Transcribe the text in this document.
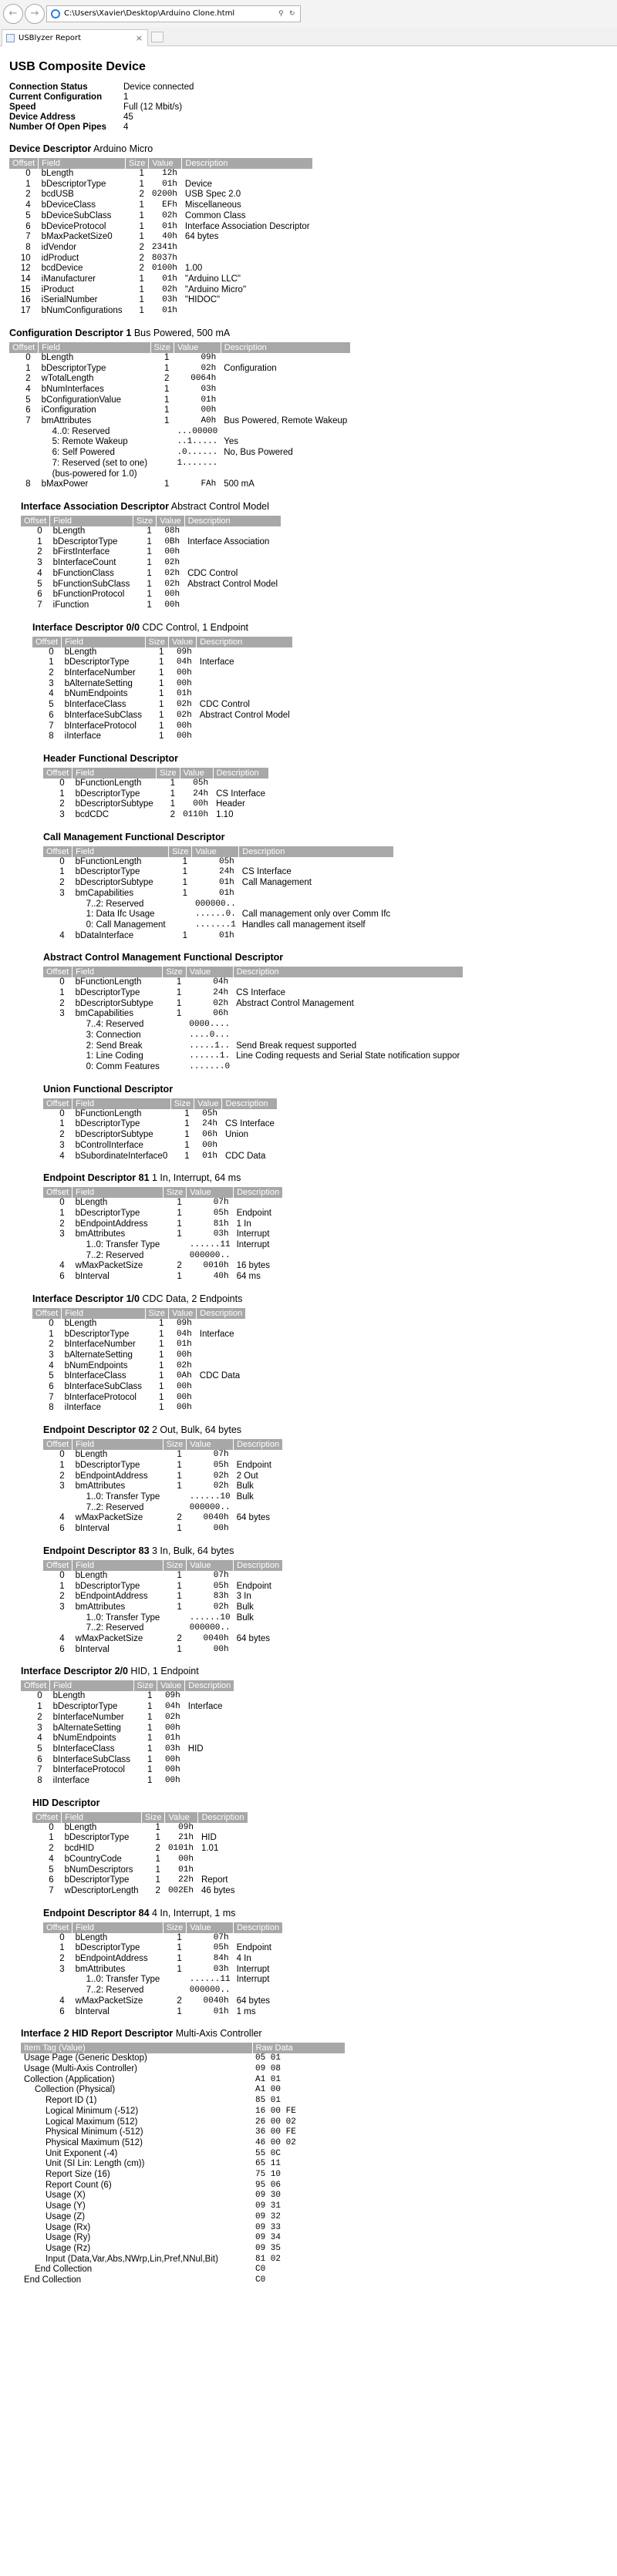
←	→	C:\Users\Xavier\Desktop\Arduino Clone.html	⚲ ↻
USBlyzer Report	×
USB Composite Device
Connection Status	Device connected
Current Configuration	1
Speed	Full (12 Mbit/s)
Device Address	45
Number Of Open Pipes	4
Device Descriptor Arduino Micro
Offset	Field	Size	Value	Description
0	bLength	1	12h	
1	bDescriptorType	1	01h	Device
2	bcdUSB	2	0200h	USB Spec 2.0
4	bDeviceClass	1	EFh	Miscellaneous
5	bDeviceSubClass	1	02h	Common Class
6	bDeviceProtocol	1	01h	Interface Association Descriptor
7	bMaxPacketSize0	1	40h	64 bytes
8	idVendor	2	2341h	
10	idProduct	2	8037h	
12	bcdDevice	2	0100h	1.00
14	iManufacturer	1	01h	"Arduino LLC"
15	iProduct	1	02h	"Arduino Micro"
16	iSerialNumber	1	03h	"HIDOC"
17	bNumConfigurations	1	01h	
Configuration Descriptor 1 Bus Powered, 500 mA
Offset	Field	Size	Value	Description
0	bLength	1	09h	
1	bDescriptorType	1	02h	Configuration
2	wTotalLength	2	0064h	
4	bNumInterfaces	1	03h	
5	bConfigurationValue	1	01h	
6	iConfiguration	1	00h	
7	bmAttributes	1	A0h	Bus Powered, Remote Wakeup
	4..0: Reserved		...00000	
	5: Remote Wakeup		..1.....	Yes
	6: Self Powered		.0......	No, Bus Powered
	7: Reserved (set to one)		1.......	
	(bus-powered for 1.0)			
8	bMaxPower	1	FAh	500 mA
Interface Association Descriptor Abstract Control Model
Offset	Field	Size	Value	Description
0	bLength	1	08h	
1	bDescriptorType	1	0Bh	Interface Association
2	bFirstInterface	1	00h	
3	bInterfaceCount	1	02h	
4	bFunctionClass	1	02h	CDC Control
5	bFunctionSubClass	1	02h	Abstract Control Model
6	bFunctionProtocol	1	00h	
7	iFunction	1	00h	
Interface Descriptor 0/0 CDC Control, 1 Endpoint
Offset	Field	Size	Value	Description
0	bLength	1	09h	
1	bDescriptorType	1	04h	Interface
2	bInterfaceNumber	1	00h	
3	bAlternateSetting	1	00h	
4	bNumEndpoints	1	01h	
5	bInterfaceClass	1	02h	CDC Control
6	bInterfaceSubClass	1	02h	Abstract Control Model
7	bInterfaceProtocol	1	00h	
8	iInterface	1	00h	
Header Functional Descriptor
Offset	Field	Size	Value	Description
0	bFunctionLength	1	05h	
1	bDescriptorType	1	24h	CS Interface
2	bDescriptorSubtype	1	00h	Header
3	bcdCDC	2	0110h	1.10
Call Management Functional Descriptor
Offset	Field	Size	Value	Description
0	bFunctionLength	1	05h	
1	bDescriptorType	1	24h	CS Interface
2	bDescriptorSubtype	1	01h	Call Management
3	bmCapabilities	1	01h	
	7..2: Reserved		000000..	
	1: Data Ifc Usage		......0.	Call management only over Comm Ifc
	0: Call Management		.......1	Handles call management itself
4	bDataInterface	1	01h	
Abstract Control Management Functional Descriptor
Offset	Field	Size	Value	Description
0	bFunctionLength	1	04h	
1	bDescriptorType	1	24h	CS Interface
2	bDescriptorSubtype	1	02h	Abstract Control Management
3	bmCapabilities	1	06h	
	7..4: Reserved		0000....	
	3: Connection		....0...	
	2: Send Break		.....1..	Send Break request supported
	1: Line Coding		......1.	Line Coding requests and Serial State notification suppor
	0: Comm Features		.......0	
Union Functional Descriptor
Offset	Field	Size	Value	Description
0	bFunctionLength	1	05h	
1	bDescriptorType	1	24h	CS Interface
2	bDescriptorSubtype	1	06h	Union
3	bControlInterface	1	00h	
4	bSubordinateInterface0	1	01h	CDC Data
Endpoint Descriptor 81 1 In, Interrupt, 64 ms
Offset	Field	Size	Value	Description
0	bLength	1	07h	
1	bDescriptorType	1	05h	Endpoint
2	bEndpointAddress	1	81h	1 In
3	bmAttributes	1	03h	Interrupt
	1..0: Transfer Type		......11	Interrupt
	7..2: Reserved		000000..	
4	wMaxPacketSize	2	0010h	16 bytes
6	bInterval	1	40h	64 ms
Interface Descriptor 1/0 CDC Data, 2 Endpoints
Offset	Field	Size	Value	Description
0	bLength	1	09h	
1	bDescriptorType	1	04h	Interface
2	bInterfaceNumber	1	01h	
3	bAlternateSetting	1	00h	
4	bNumEndpoints	1	02h	
5	bInterfaceClass	1	0Ah	CDC Data
6	bInterfaceSubClass	1	00h	
7	bInterfaceProtocol	1	00h	
8	iInterface	1	00h	
Endpoint Descriptor 02 2 Out, Bulk, 64 bytes
Offset	Field	Size	Value	Description
0	bLength	1	07h	
1	bDescriptorType	1	05h	Endpoint
2	bEndpointAddress	1	02h	2 Out
3	bmAttributes	1	02h	Bulk
	1..0: Transfer Type		......10	Bulk
	7..2: Reserved		000000..	
4	wMaxPacketSize	2	0040h	64 bytes
6	bInterval	1	00h	
Endpoint Descriptor 83 3 In, Bulk, 64 bytes
Offset	Field	Size	Value	Description
0	bLength	1	07h	
1	bDescriptorType	1	05h	Endpoint
2	bEndpointAddress	1	83h	3 In
3	bmAttributes	1	02h	Bulk
	1..0: Transfer Type		......10	Bulk
	7..2: Reserved		000000..	
4	wMaxPacketSize	2	0040h	64 bytes
6	bInterval	1	00h	
Interface Descriptor 2/0 HID, 1 Endpoint
Offset	Field	Size	Value	Description
0	bLength	1	09h	
1	bDescriptorType	1	04h	Interface
2	bInterfaceNumber	1	02h	
3	bAlternateSetting	1	00h	
4	bNumEndpoints	1	01h	
5	bInterfaceClass	1	03h	HID
6	bInterfaceSubClass	1	00h	
7	bInterfaceProtocol	1	00h	
8	iInterface	1	00h	
HID Descriptor
Offset	Field	Size	Value	Description
0	bLength	1	09h	
1	bDescriptorType	1	21h	HID
2	bcdHID	2	0101h	1.01
4	bCountryCode	1	00h	
5	bNumDescriptors	1	01h	
6	bDescriptorType	1	22h	Report
7	wDescriptorLength	2	002Eh	46 bytes
Endpoint Descriptor 84 4 In, Interrupt, 1 ms
Offset	Field	Size	Value	Description
0	bLength	1	07h	
1	bDescriptorType	1	05h	Endpoint
2	bEndpointAddress	1	84h	4 In
3	bmAttributes	1	03h	Interrupt
	1..0: Transfer Type		......11	Interrupt
	7..2: Reserved		000000..	
4	wMaxPacketSize	2	0040h	64 bytes
6	bInterval	1	01h	1 ms
Interface 2 HID Report Descriptor Multi-Axis Controller
Item Tag (Value)	Raw Data
Usage Page (Generic Desktop)	05 01
Usage (Multi-Axis Controller)	09 08
Collection (Application)	A1 01
Collection (Physical)	A1 00
Report ID (1)	85 01
Logical Minimum (-512)	16 00 FE
Logical Maximum (512)	26 00 02
Physical Minimum (-512)	36 00 FE
Physical Maximum (512)	46 00 02
Unit Exponent (-4)	55 0C
Unit (SI Lin: Length (cm))	65 11
Report Size (16)	75 10
Report Count (6)	95 06
Usage (X)	09 30
Usage (Y)	09 31
Usage (Z)	09 32
Usage (Rx)	09 33
Usage (Ry)	09 34
Usage (Rz)	09 35
Input (Data,Var,Abs,NWrp,Lin,Pref,NNul,Bit)	81 02
End Collection	C0
End Collection	C0
